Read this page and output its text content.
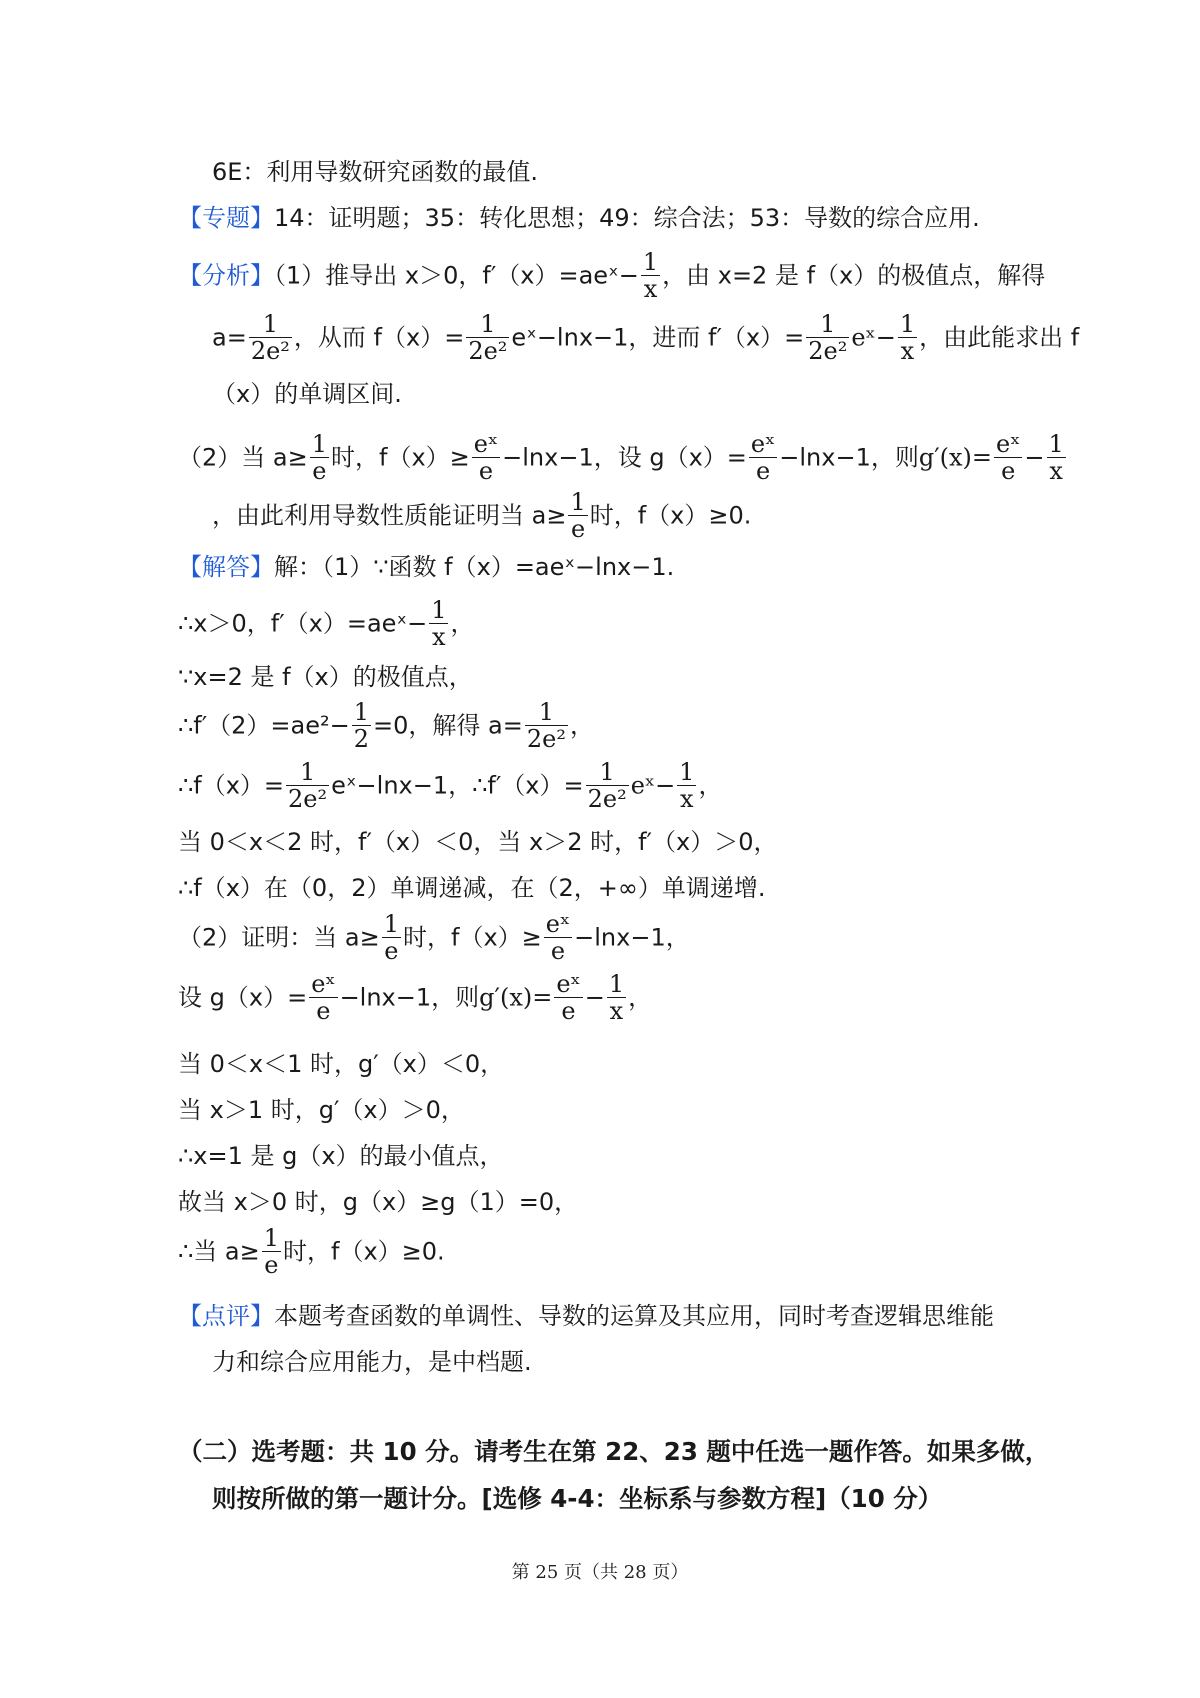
6E：利用导数研究函数的最值.
【专题】14：证明题；35：转化思想；49：综合法；53：导数的综合应用.
【分析】（1）推导出 x＞0，f′（x）=aeˣ− $\frac{1}{x}$ ，由 x=2 是 f（x）的极值点，解得
$a= \frac{1}{\text{2e²}}$ ，从而 $f(x)= \frac{1}{\text{2e²}}$ eˣ−lnx−1，进而 $f'(x)= \frac{1}{\text{2e²}}$ eˣ− $\frac{1}{x}$ ，由此能求出 f
（x）的单调区间.
（2）当 $a\ge \frac{1}{e}$ 时，$f(x)\ge \frac{\text{eˣ}}{e} -\ln x-1$，设 $g(x)= \frac{\text{eˣ}}{e} -\ln x-1$，则$g'(x)= \frac{\text{eˣ}}{e} - \frac{1}{x}$
，由此利用导数性质能证明当 $a\ge \frac{1}{e}$ 时，f（x）≥0.
【解答】解：（1）∵函数 f（x）=aeˣ−lnx−1.
∴x＞0，f′（x）=aeˣ− $\frac{1}{x}$ ，
∵x=2 是 f（x）的极值点，
∴f′（2）=ae²− $\frac{1}{2} =0$，解得 $a= \frac{1}{\text{2e²}}$ ，
∴f（x）= $\frac{1}{\text{2e²}}$ eˣ−lnx−1，∴f′（x）= $\frac{1}{\text{2e²}}$ eˣ− $\frac{1}{x}$ ，
当 0＜x＜2 时，f′（x）＜0，当 x＞2 时，f′（x）＞0，
∴f（x）在（0，2）单调递减，在（2，+∞）单调递增.
（2）证明：当 $a\ge \frac{1}{e}$ 时，$f(x)\ge \frac{\text{eˣ}}{e} -\ln x-1$，
设 $g(x)= \frac{\text{eˣ}}{e} -\ln x-1$，则$g'(x)= \frac{\text{eˣ}}{e} - \frac{1}{x}$ ，
当 0＜x＜1 时，g′（x）＜0，
当 x＞1 时，g′（x）＞0，
∴x=1 是 g（x）的最小值点，
故当 x＞0 时，g（x）≥g（1）=0，
∴当 $a\ge \frac{1}{e}$ 时，f（x）≥0.
【点评】本题考查函数的单调性、导数的运算及其应用，同时考查逻辑思维能
力和综合应用能力，是中档题.
（二）选考题：共 10 分。请考生在第 22、23 题中任选一题作答。如果多做，
则按所做的第一题计分。[选修 4-4：坐标系与参数方程]（10 分）
第 25 页（共 28 页）
